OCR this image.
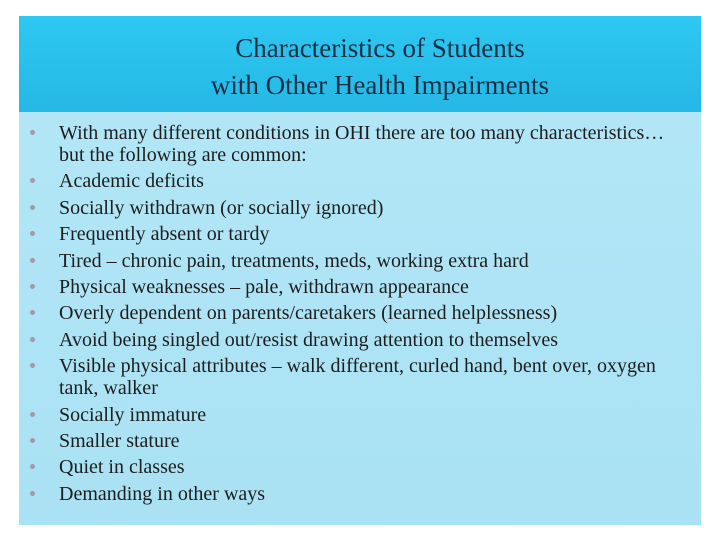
Characteristics of Students
with Other Health Impairments
With many different conditions in OHI there are too many characteristics… but the following are common:
Academic deficits
Socially withdrawn (or socially ignored)
Frequently absent or tardy
Tired – chronic pain, treatments, meds, working extra hard
Physical weaknesses – pale, withdrawn appearance
Overly dependent on parents/caretakers (learned helplessness)
Avoid being singled out/resist drawing attention to themselves
Visible physical attributes – walk different, curled hand, bent over, oxygen tank, walker
Socially immature
Smaller stature
Quiet in classes
Demanding in other ways
